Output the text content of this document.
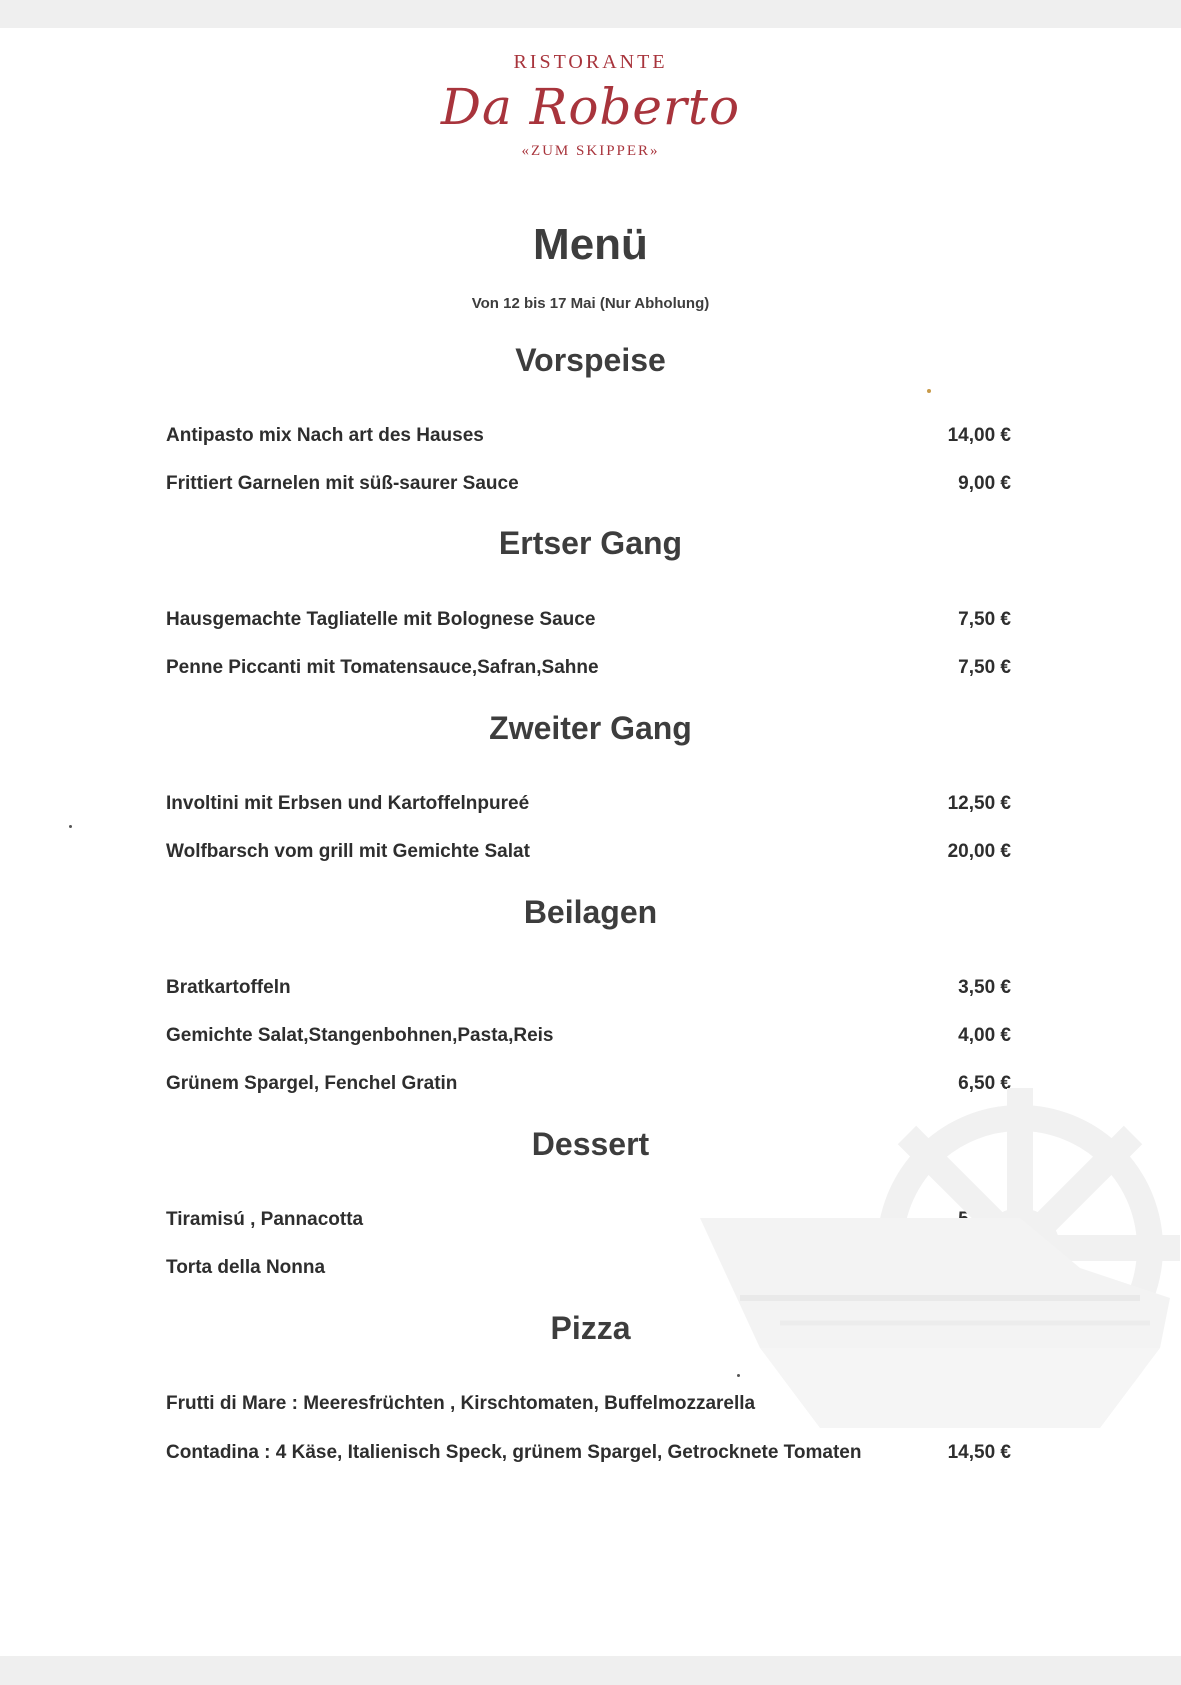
RISTORANTE
Da Roberto
«ZUM SKIPPER»
Menü
Von 12 bis 17 Mai (Nur Abholung)
Vorspeise
Antipasto mix Nach art des Hauses	14,00 €
Frittiert Garnelen mit süß-saurer Sauce	9,00 €
Ertser Gang
Hausgemachte Tagliatelle mit Bolognese Sauce	7,50 €
Penne Piccanti mit Tomatensauce,Safran,Sahne	7,50 €
Zweiter Gang
Involtini mit Erbsen und Kartoffelnpureé	12,50 €
Wolfbarsch vom grill mit Gemichte Salat	20,00 €
Beilagen
Bratkartoffeln	3,50 €
Gemichte Salat,Stangenbohnen,Pasta,Reis	4,00 €
Grünem Spargel, Fenchel Gratin	6,50 €
Dessert
Tiramisú , Pannacotta
Torta della Nonna
Pizza
Frutti di Mare : Meeresfrüchten , Kirschtomaten, Buffelmozzarella
Contadina : 4 Käse, Italienisch Speck, grünem Spargel, Getrocknete Tomaten	14,50 €
